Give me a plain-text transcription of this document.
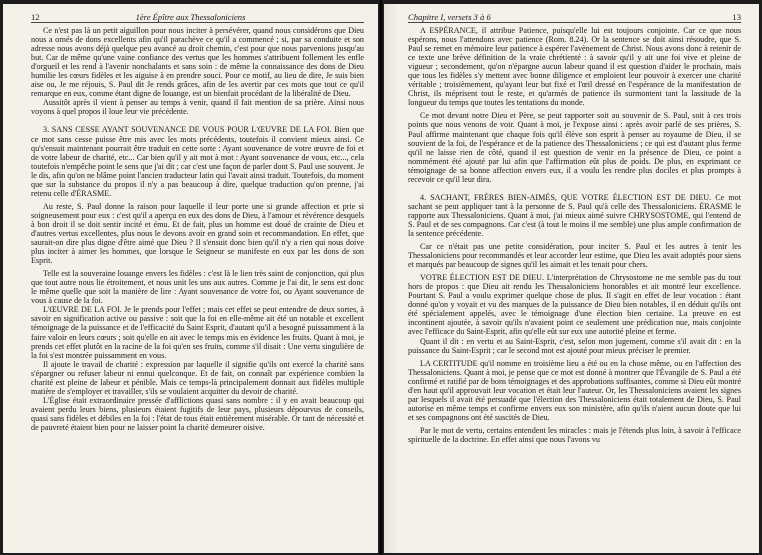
12	1ère Épître aux Thessaloniciens

Ce n'est pas là un petit aiguillon pour nous inciter à persévérer, quand nous considérons que Dieu nous a ornés de dons excellents afin qu'il parachève ce qu'il a commencé ; si, par sa conduite et son adresse nous avons déjà quelque peu avancé au droit chemin, c'est pour que nous parvenions jusqu'au but. Car de même qu'une vaine confiance des vertus que les hommes s'attribuent follement les enfle d'orgueil et les rend à l'avenir nonchalants et sans soin : de même la connaissance des dons de Dieu humilie les cœurs fidèles et les aiguise à en prendre souci. Pour ce motif, au lieu de dire, Je suis bien aise ou, Je me réjouis, S. Paul dit Je rends grâces, afin de les avertir par ces mots que tout ce qu'il remarque en eux, comme étant digne de louange, est un bienfait procédant de la libéralité de Dieu.

Aussitôt après il vient à penser au temps à venir, quand il fait mention de sa prière. Ainsi nous voyons à quel propos il loue leur vie précédente.

3. SANS CESSE AYANT SOUVENANCE DE VOUS POUR L'ŒUVRE DE LA FOI. Bien que ce mot sans cesse puisse être mis avec les mots précédents, toutefois il convient mieux ainsi. Ce qu's'ensuit maintenant pourrait être traduit en cette sorte : Ayant souvenance de votre œuvre de foi et de votre labeur de charité, etc... Car bien qu'il y ait mot à mot : Ayant souvenance de vous, etc..., cela toutefois n'empêche point le sens que j'ai dit ; car c'est une façon de parler dont S. Paul use souvent. Je le dis, afin qu'on ne blâme point l'ancien traducteur latin qui l'avait ainsi traduit. Toutefois, du moment que sur la substance du propos il n'y a pas beaucoup à dire, quelque traduction qu'on prenne, j'ai retenu celle d'ÉRASME.

Au reste, S. Paul donne la raison pour laquelle il leur porte une si grande affection et prie si soigneusement pour eux : c'est qu'il a aperçu en eux des dons de Dieu, à l'amour et révérence desquels à bon droit il se doit sentir incité et ému. Et de fait, plus un homme est doué de crainte de Dieu et d'autres vertus excellentes, plus nous le devons avoir en grand soin et recommandation. En effet, que saurait-on dire plus digne d'être aimé que Dieu ? Il s'ensuit donc bien qu'il n'y a rien qui nous doive plus inciter à aimer les hommes, que lorsque le Seigneur se manifeste en eux par les dons de son Esprit.

Telle est la souveraine louange envers les fidèles : c'est là le lien très saint de conjonction, qui plus que tout autre nous lie étroitement, et nous unit les uns aux autres. Comme je l'ai dit, le sens est donc le même quelle que soit la manière de lire : Ayant souvenance de votre foi, ou Ayant souvenance de vous à cause de la foi.

L'ŒUVRE DE LA FOI. Je le prends pour l'effet ; mais cet effet se peut entendre de deux sortes, à savoir en signification active ou passive : soit que la foi en elle-même ait été un notable et excellent témoignage de la puissance et de l'efficacité du Saint Esprit, d'autant qu'il a besogné puissamment à la faire valoir en leurs cœurs ; soit qu'elle en ait avec le temps mis en évidence les fruits. Quant à moi, je prends cet effet plutôt en la racine de la foi qu'en ses fruits, comme s'il disait : Une vertu singulière de la foi s'est montrée puissamment en vous.

Il ajoute le travail de charité : expression par laquelle il signifie qu'ils ont exercé la charité sans s'épargner ou refuser labeur ni ennui quelconque. Et de fait, on connaît par expérience combien la charité est pleine de labeur et pénible. Mais ce temps-là principalement donnait aux fidèles multiple matière de s'employer et travailler, s'ils se voulaient acquitter du devoir de charité.

L'Église était extraordinaire pressée d'afflictions quasi sans nombre : il y en avait beaucoup qui avaient perdu leurs biens, plusieurs étaient fugitifs de leur pays, plusieurs dépourvus de conseils, quasi sans fidèles et débiles en la foi : l'état de tous était entièrement misérable. Or tant de nécessité et de pauvreté étaient bien pour ne laisser point la charité demeurer oisive.

Chapitre I, versets 3 à 6	13

A ESPÉRANCE, il attribue Patience, puisqu'elle lui est toujours conjointe. Car ce que nous espérons, nous l'attendons avec patience (Rom. 8.24). Or la sentence se doit ainsi résoudre, que S. Paul se remet en mémoire leur patience à espérer l'avènement de Christ. Nous avons donc à retenir de ce texte une brève définition de la vraie chrétienté : à savoir qu'il y ait une foi vive et pleine de vigueur ; secondement, qu'on n'épargne aucun labeur quand il est question d'aider le prochain, mais que tous les fidèles s'y mettent avec bonne diligence et emploient leur pouvoir à exercer une charité véritable ; troisièmement, qu'ayant leur but fixé et l'œil dressé en l'espérance de la manifestation de Christ, ils méprisent tout le reste, et qu'armés de patience ils surmontent tant la lassitude de la longueur du temps que toutes les tentations du monde.

Ce mot devant notre Dieu et Père, se peut rapporter soit au souvenir de S. Paul, soit à ces trois points que nous venons de voir. Quant à moi, je l'expose ainsi : après avoir parlé de ses prières, S. Paul affirme maintenant que chaque fois qu'il élève son esprit à penser au royaume de Dieu, il se souvient de la foi, de l'espérance et de la patience des Thessaloniciens ; ce qui est d'autant plus ferme qu'il ne laisse rien de côté, quand il est question de venir en la présence de Dieu, ce point a nommément été ajouté par lui afin que l'affirmation eût plus de poids. De plus, en exprimant ce témoignage de sa bonne affection envers eux, il a voulu les rendre plus dociles et plus prompts à recevoir ce qu'il leur dira.

4. SACHANT, FRÈRES BIEN-AIMÉS, QUE VOTRE ÉLECTION EST DE DIEU. Ce mot sachant se peut appliquer tant à la personne de S. Paul qu'à celle des Thessaloniciens. ÉRASME le rapporte aux Thessaloniciens. Quant à moi, j'ai mieux aimé suivre CHRYSOSTOME, qui l'entend de S. Paul et de ses compagnons. Car c'est (à tout le moins il me semble) une plus ample confirmation de la sentence précédente.

Car ce n'était pas une petite considération, pour inciter S. Paul et les autres à tenir les Thessaloniciens pour recommandés et leur accorder leur estime, que Dieu les avait adoptés pour siens et marqués par beaucoup de signes qu'il les aimait et les tenait pour chers.

VOTRE ÉLECTION EST DE DIEU. L'interprétation de Chrysostome ne me semble pas du tout hors de propos : que Dieu ait rendu les Thessaloniciens honorables et ait montré leur excellence. Pourtant S. Paul a voulu exprimer quelque chose de plus. Il s'agit en effet de leur vocation : étant donné qu'on y voyait et vu des marques de la puissance de Dieu bien notables, il en déduit qu'ils ont été spécialement appelés, avec le témoignage d'une élection bien certaine. La preuve en est incontinent ajoutée, à savoir qu'ils n'avaient point ce seulement une prédication nue, mais conjointe avec l'efficace du Saint-Esprit, afin qu'elle eût sur eux une autorité pleine et ferme.

Quant il dit : en vertu et au Saint-Esprit, c'est, selon mon jugement, comme s'il avait dit : en la puissance du Saint-Esprit ; car le second mot est ajouté pour mieux préciser le premier.

LA CERTITUDE qu'il nomme en troisième lieu a été ou en la chose même, ou en l'affection des Thessaloniciens. Quant à moi, je pense que ce mot est donné à montrer que l'Évangile de S. Paul a été confirmé et ratifié par de bons témoignages et des approbations suffisantes, comme si Dieu eût montré d'en haut qu'il approuvait leur vocation et était leur l'auteur. Or, les Thessaloniciens avaient les signes par lesquels il avait été persuadé que l'élection des Thessaloniciens était totalement de Dieu, S. Paul autorise en même temps et confirme envers eux son ministère, afin qu'ils n'aient aucun doute que lui et ses compagnons ont été suscités de Dieu.

Par le mot de vertu, certains entendent les miracles : mais je l'étends plus loin, à savoir à l'efficace spirituelle de la doctrine. En effet ainsi que nous l'avons vu
